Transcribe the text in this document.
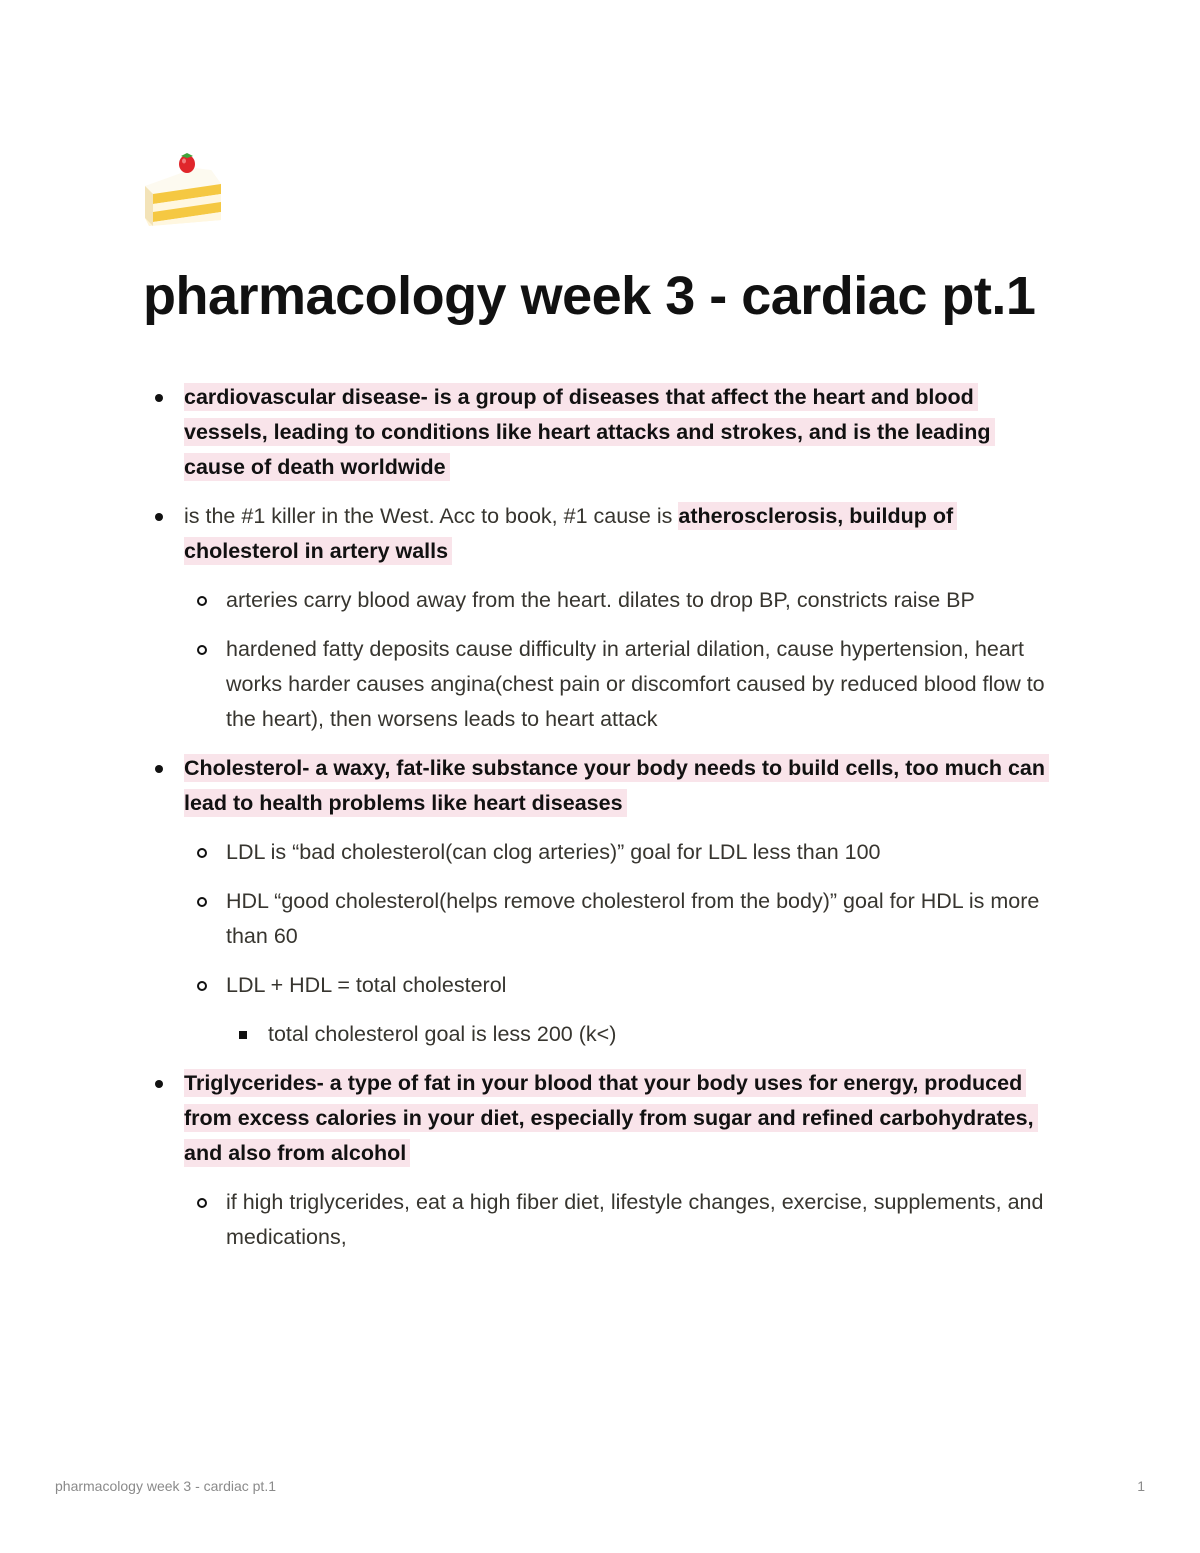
pharmacology week 3 - cardiac pt.1
cardiovascular disease- is a group of diseases that affect the heart and blood vessels, leading to conditions like heart attacks and strokes, and is the leading cause of death worldwide
is the #1 killer in the West. Acc to book, #1 cause is atherosclerosis, buildup of cholesterol in artery walls
arteries carry blood away from the heart. dilates to drop BP, constricts raise BP
hardened fatty deposits cause difficulty in arterial dilation, cause hypertension, heart works harder causes angina(chest pain or discomfort caused by reduced blood flow to the heart), then worsens leads to heart attack
Cholesterol- a waxy, fat-like substance your body needs to build cells, too much can lead to health problems like heart diseases
LDL is “bad cholesterol(can clog arteries)” goal for LDL less than 100
HDL “good cholesterol(helps remove cholesterol from the body)” goal for HDL is more than 60
LDL + HDL = total cholesterol
total cholesterol goal is less 200 (k<)
Triglycerides- a type of fat in your blood that your body uses for energy, produced from excess calories in your diet, especially from sugar and refined carbohydrates, and also from alcohol
if high triglycerides, eat a high fiber diet, lifestyle changes, exercise, supplements, and medications,
pharmacology week 3 - cardiac pt.1	1
